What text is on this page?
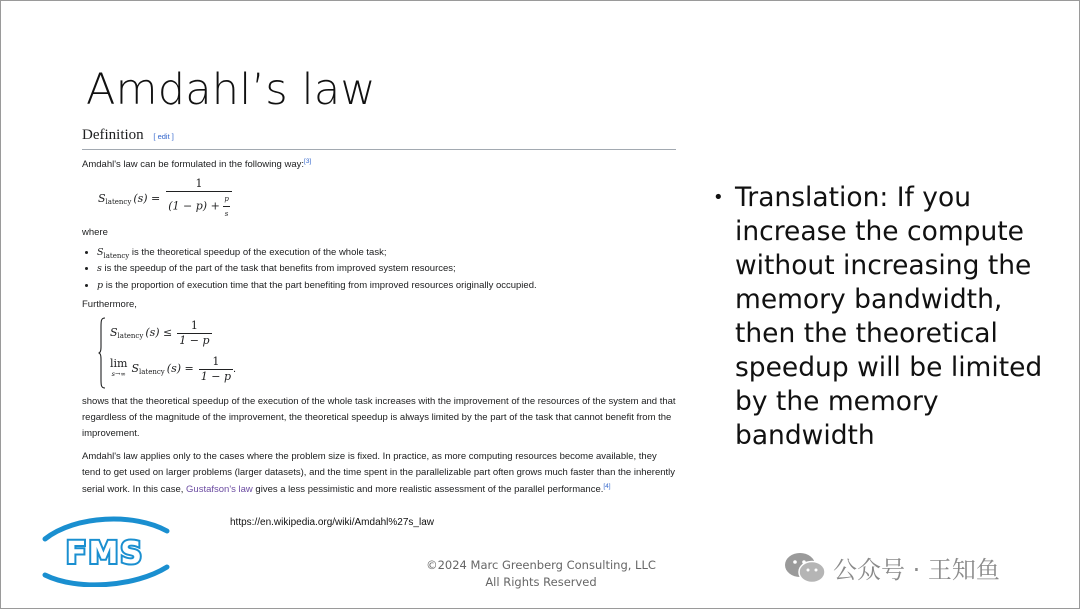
Amdahl’s law
Definition [ edit ]

Amdahl's law can be formulated in the following way:[3]

S latency $(s) = \frac{1}{(1 - p) + \frac{p}{s}}$

where

• $S_{latency}$ is the theoretical speedup of the execution of the whole task;
• s is the speedup of the part of the task that benefits from improved system resources;
• p is the proportion of execution time that the part benefiting from improved resources originally occupied.

Furthermore,

S latency $(s) \le \frac{1}{1 - p}$
lim
s→∞ S latency $(s) = \frac{1}{1 - p}$ .

shows that the theoretical speedup of the execution of the whole task increases with the improvement of the resources of the system and that regardless of the magnitude of the improvement, the theoretical speedup is always limited by the part of the task that cannot benefit from the improvement.

Amdahl's law applies only to the cases where the problem size is fixed. In practice, as more computing resources become available, they tend to get used on larger problems (larger datasets), and the time spent in the parallelizable part often grows much faster than the inherently serial work. In this case, Gustafson's law gives a less pessimistic and more realistic assessment of the parallel performance.[4]

• Translation: If you increase the compute without increasing the memory bandwidth, then the theoretical speedup will be limited by the memory bandwidth
https://en.wikipedia.org/wiki/Amdahl%27s_law
FMS	©2024 Marc Greenberg Consulting, LLC
All Rights Reserved	公众号 · 王知鱼
